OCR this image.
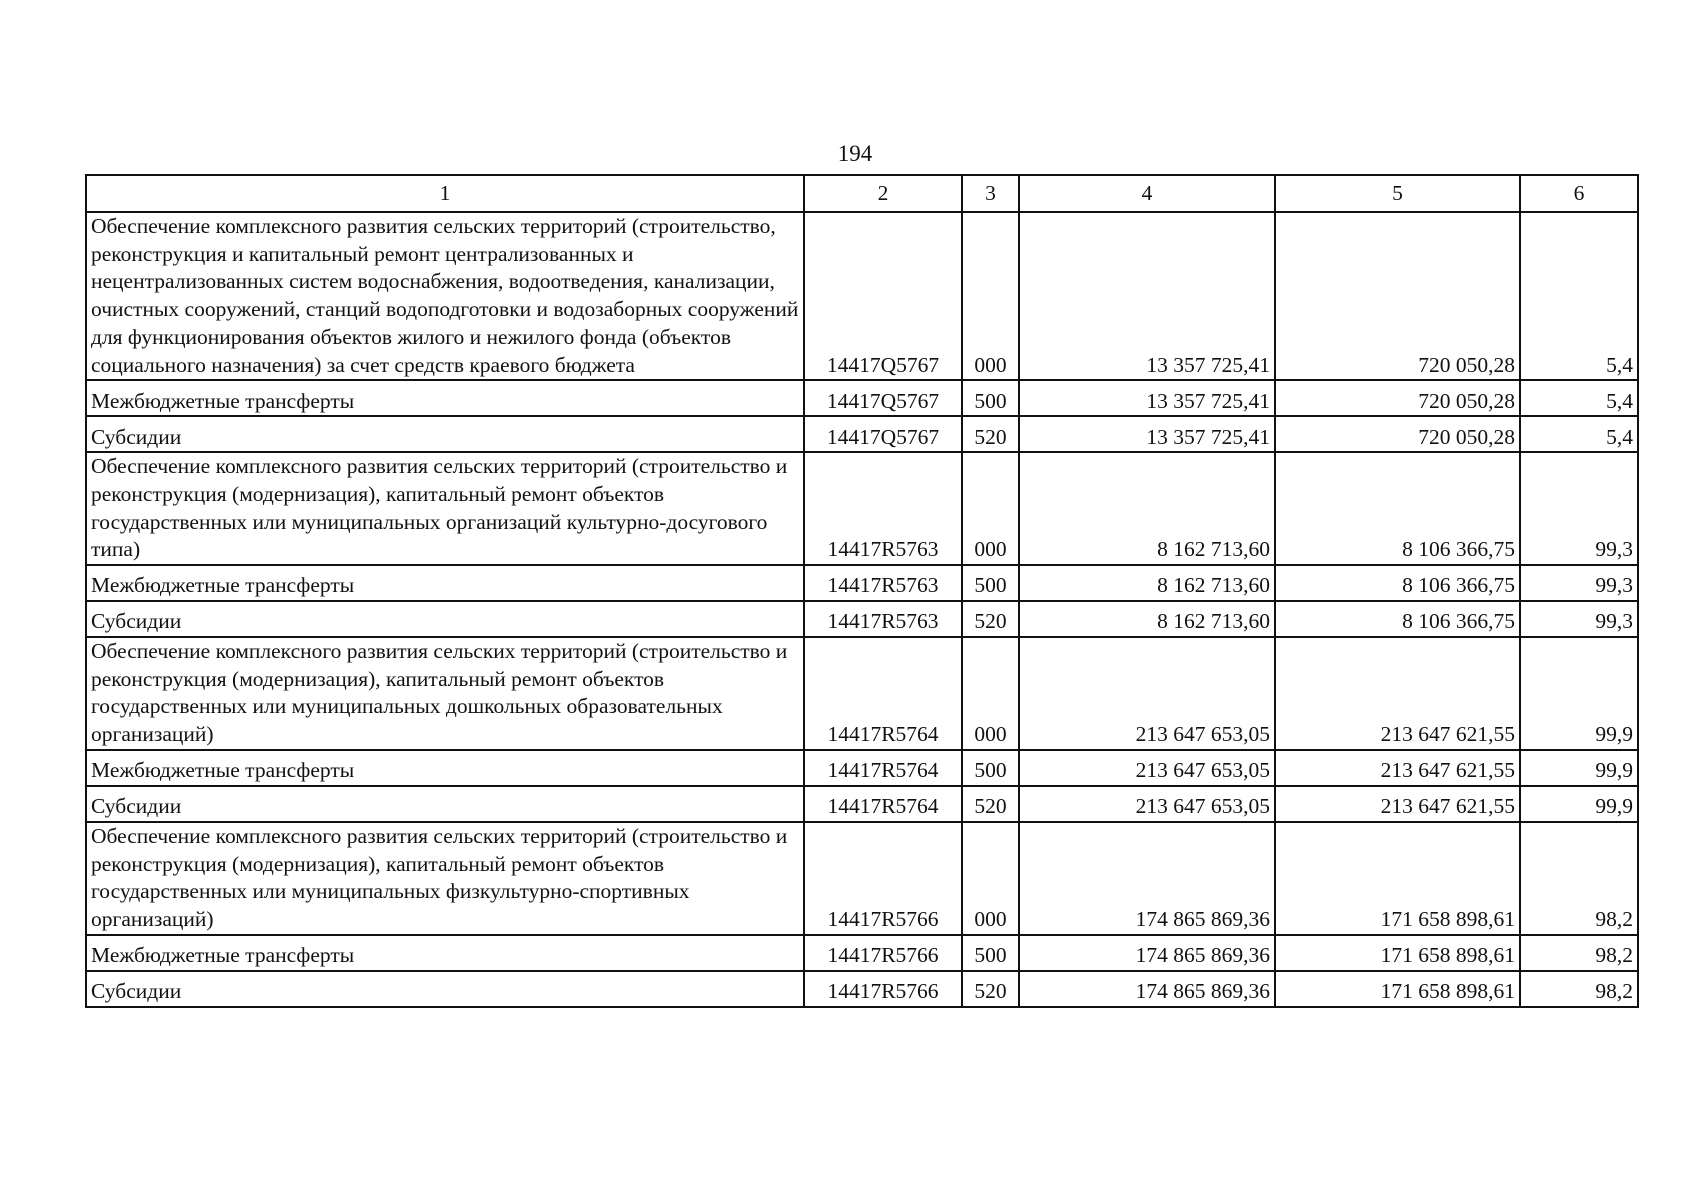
194
1	2	3	4	5	6
Обеспечение комплексного развития сельских территорий (строительство, реконструкция и капитальный ремонт централизованных и нецентрализованных систем водоснабжения, водоотведения, канализации, очистных сооружений, станций водоподготовки и водозаборных сооружений для функционирования объектов жилого и нежилого фонда (объектов социального назначения) за счет средств краевого бюджета	14417Q5767	000	13 357 725,41	720 050,28	5,4
Межбюджетные трансферты	14417Q5767	500	13 357 725,41	720 050,28	5,4
Субсидии	14417Q5767	520	13 357 725,41	720 050,28	5,4
Обеспечение комплексного развития сельских территорий (строительство и реконструкция (модернизация), капитальный ремонт объектов государственных или муниципальных организаций культурно-досугового типа)	14417R5763	000	8 162 713,60	8 106 366,75	99,3
Межбюджетные трансферты	14417R5763	500	8 162 713,60	8 106 366,75	99,3
Субсидии	14417R5763	520	8 162 713,60	8 106 366,75	99,3
Обеспечение комплексного развития сельских территорий (строительство и реконструкция (модернизация), капитальный ремонт объектов государственных или муниципальных дошкольных образовательных организаций)	14417R5764	000	213 647 653,05	213 647 621,55	99,9
Межбюджетные трансферты	14417R5764	500	213 647 653,05	213 647 621,55	99,9
Субсидии	14417R5764	520	213 647 653,05	213 647 621,55	99,9
Обеспечение комплексного развития сельских территорий (строительство и реконструкция (модернизация), капитальный ремонт объектов государственных или муниципальных физкультурно-спортивных организаций)	14417R5766	000	174 865 869,36	171 658 898,61	98,2
Межбюджетные трансферты	14417R5766	500	174 865 869,36	171 658 898,61	98,2
Субсидии	14417R5766	520	174 865 869,36	171 658 898,61	98,2
